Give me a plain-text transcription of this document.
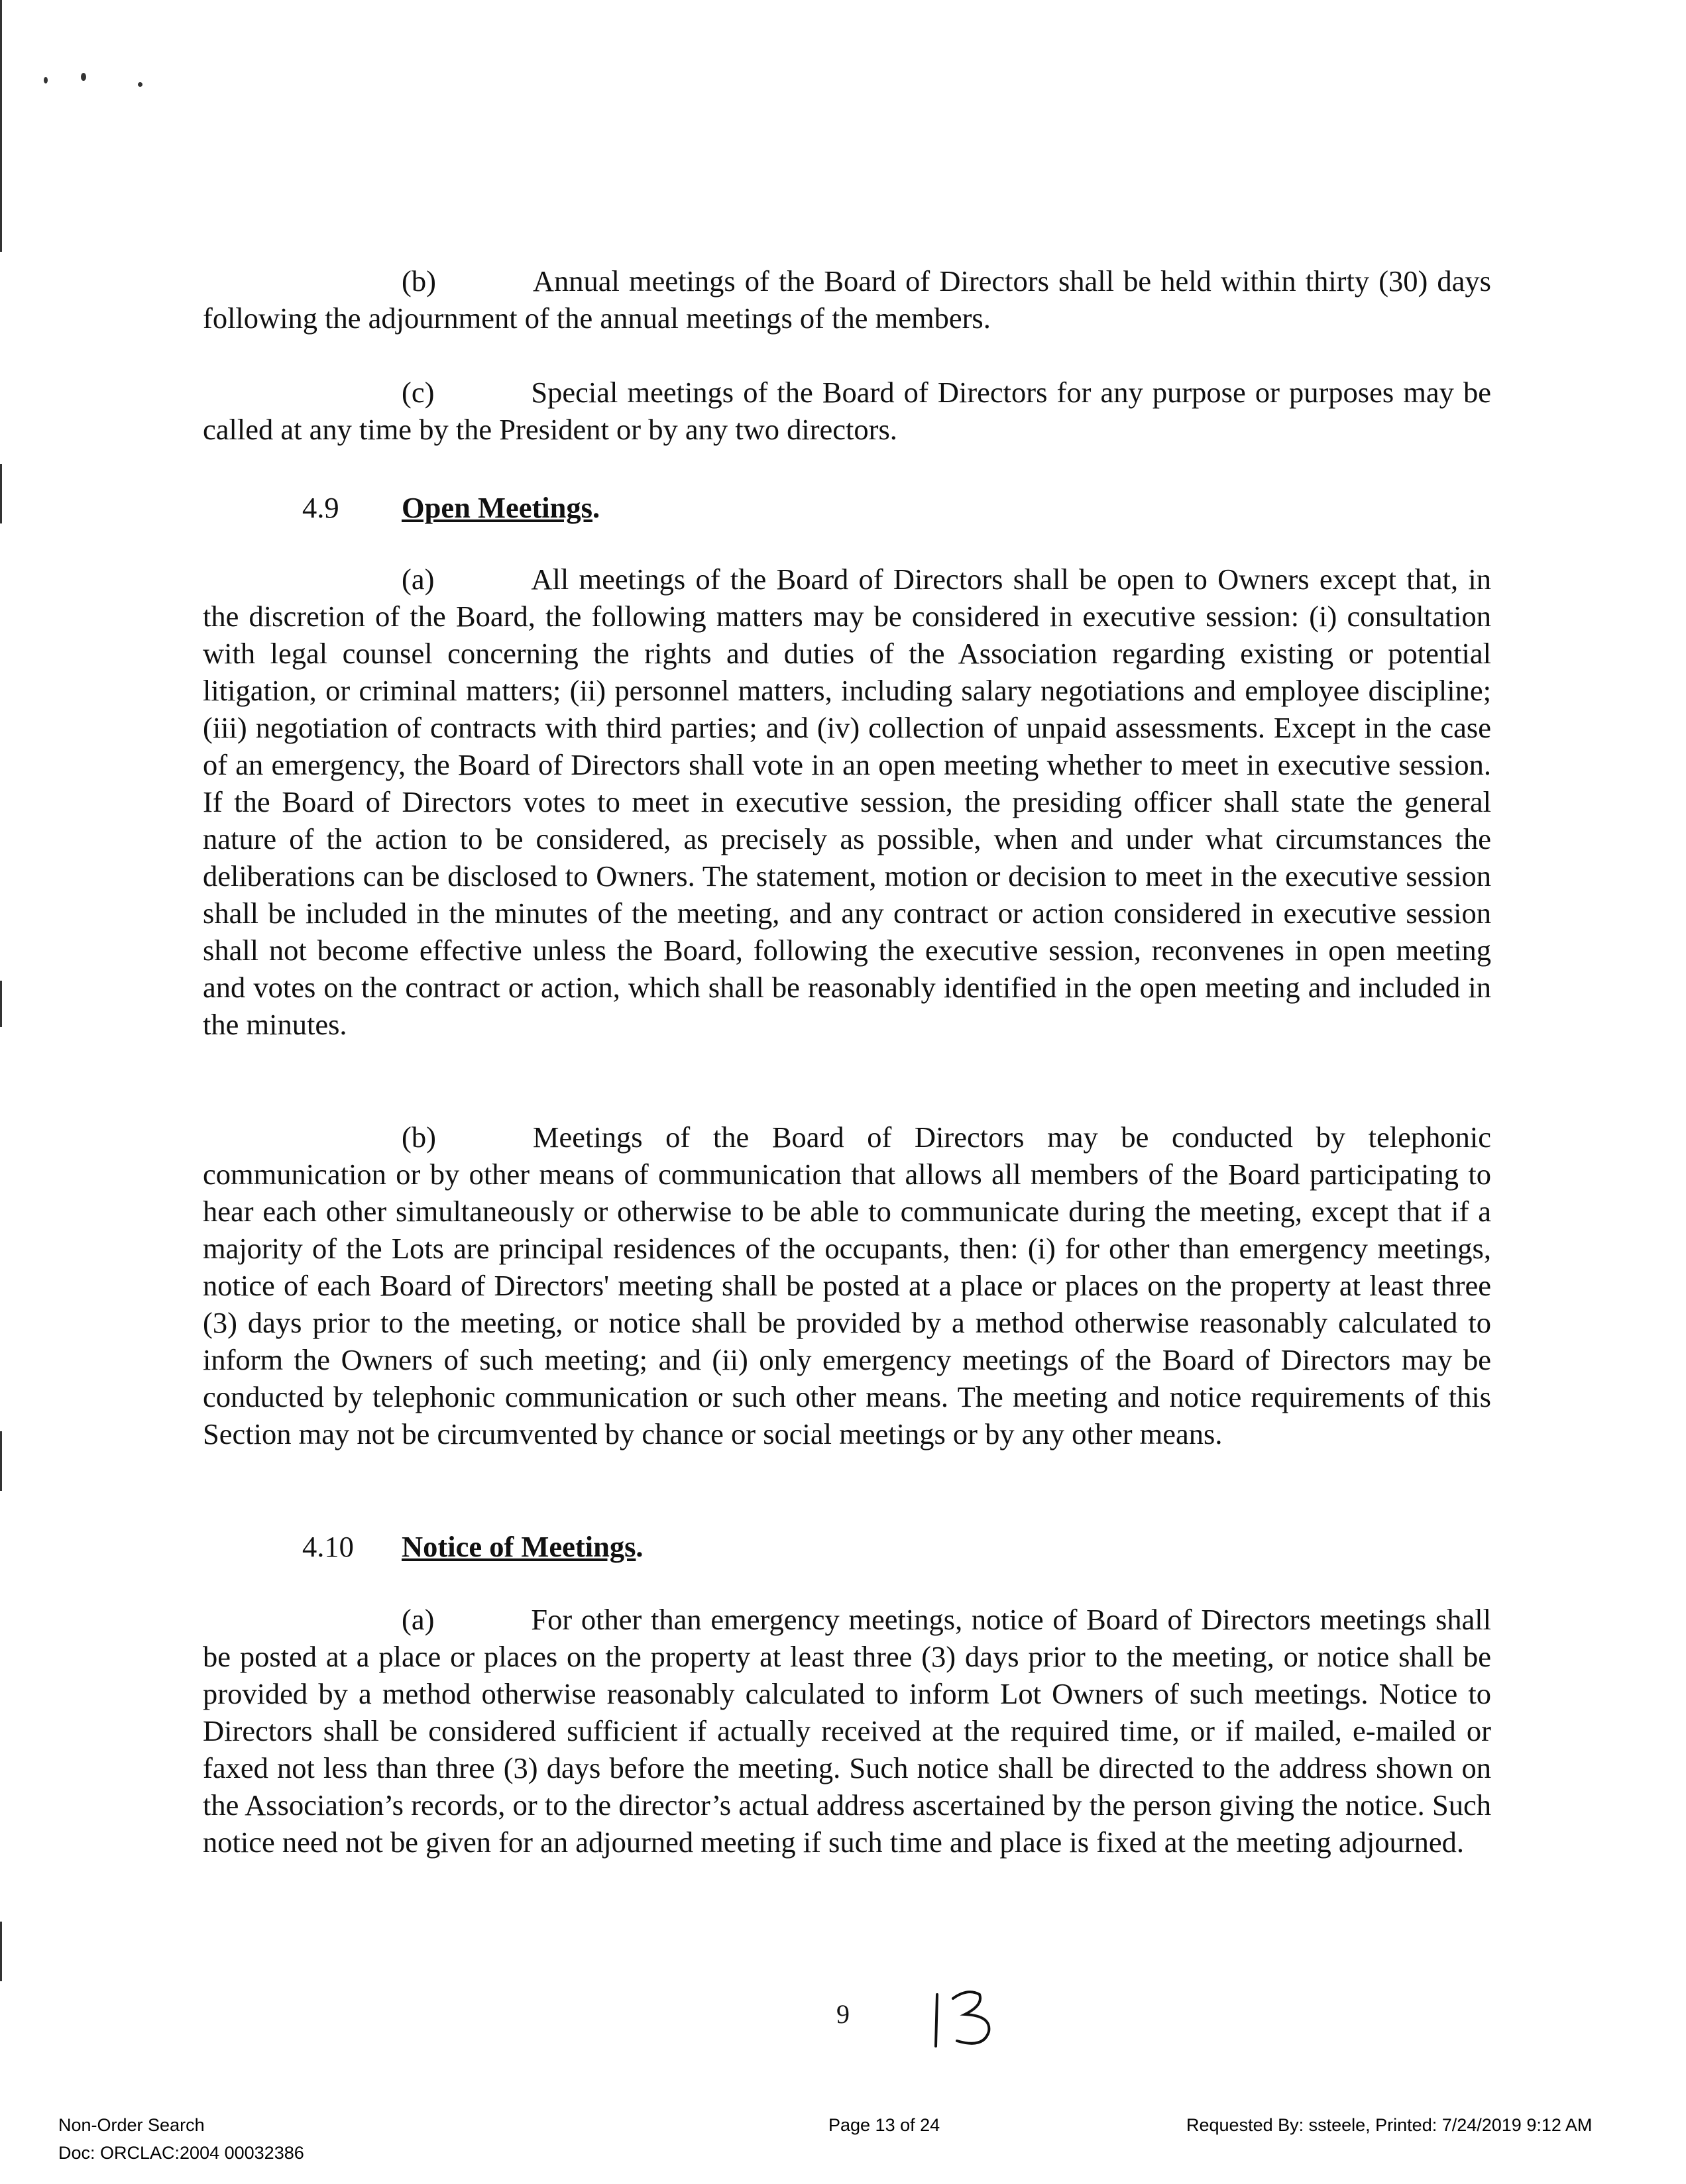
(b)	Annual meetings of the Board of Directors shall be held within thirty (30) days following the adjournment of the annual meetings of the members.
(c)	Special meetings of the Board of Directors for any purpose or purposes may be called at any time by the President or by any two directors.
4.9 Open Meetings.
(a)	All meetings of the Board of Directors shall be open to Owners except that, in the discretion of the Board, the following matters may be considered in executive session: (i) consultation with legal counsel concerning the rights and duties of the Association regarding existing or potential litigation, or criminal matters; (ii) personnel matters, including salary negotiations and employee discipline; (iii) negotiation of contracts with third parties; and (iv) collection of unpaid assessments. Except in the case of an emergency, the Board of Directors shall vote in an open meeting whether to meet in executive session. If the Board of Directors votes to meet in executive session, the presiding officer shall state the general nature of the action to be considered, as precisely as possible, when and under what circumstances the deliberations can be disclosed to Owners. The statement, motion or decision to meet in the executive session shall be included in the minutes of the meeting, and any contract or action considered in executive session shall not become effective unless the Board, following the executive session, reconvenes in open meeting and votes on the contract or action, which shall be reasonably identified in the open meeting and included in the minutes.
(b)	Meetings of the Board of Directors may be conducted by telephonic communication or by other means of communication that allows all members of the Board participating to hear each other simultaneously or otherwise to be able to communicate during the meeting, except that if a majority of the Lots are principal residences of the occupants, then: (i) for other than emergency meetings, notice of each Board of Directors' meeting shall be posted at a place or places on the property at least three (3) days prior to the meeting, or notice shall be provided by a method otherwise reasonably calculated to inform the Owners of such meeting; and (ii) only emergency meetings of the Board of Directors may be conducted by telephonic communication or such other means. The meeting and notice requirements of this Section may not be circumvented by chance or social meetings or by any other means.
4.10 Notice of Meetings.
(a)	For other than emergency meetings, notice of Board of Directors meetings shall be posted at a place or places on the property at least three (3) days prior to the meeting, or notice shall be provided by a method otherwise reasonably calculated to inform Lot Owners of such meetings. Notice to Directors shall be considered sufficient if actually received at the required time, or if mailed, e-mailed or faxed not less than three (3) days before the meeting. Such notice shall be directed to the address shown on the Association’s records, or to the director’s actual address ascertained by the person giving the notice. Such notice need not be given for an adjourned meeting if such time and place is fixed at the meeting adjourned.
9
Non-Order Search
Doc: ORCLAC:2004 00032386
Page 13 of 24	Requested By: ssteele, Printed: 7/24/2019 9:12 AM
